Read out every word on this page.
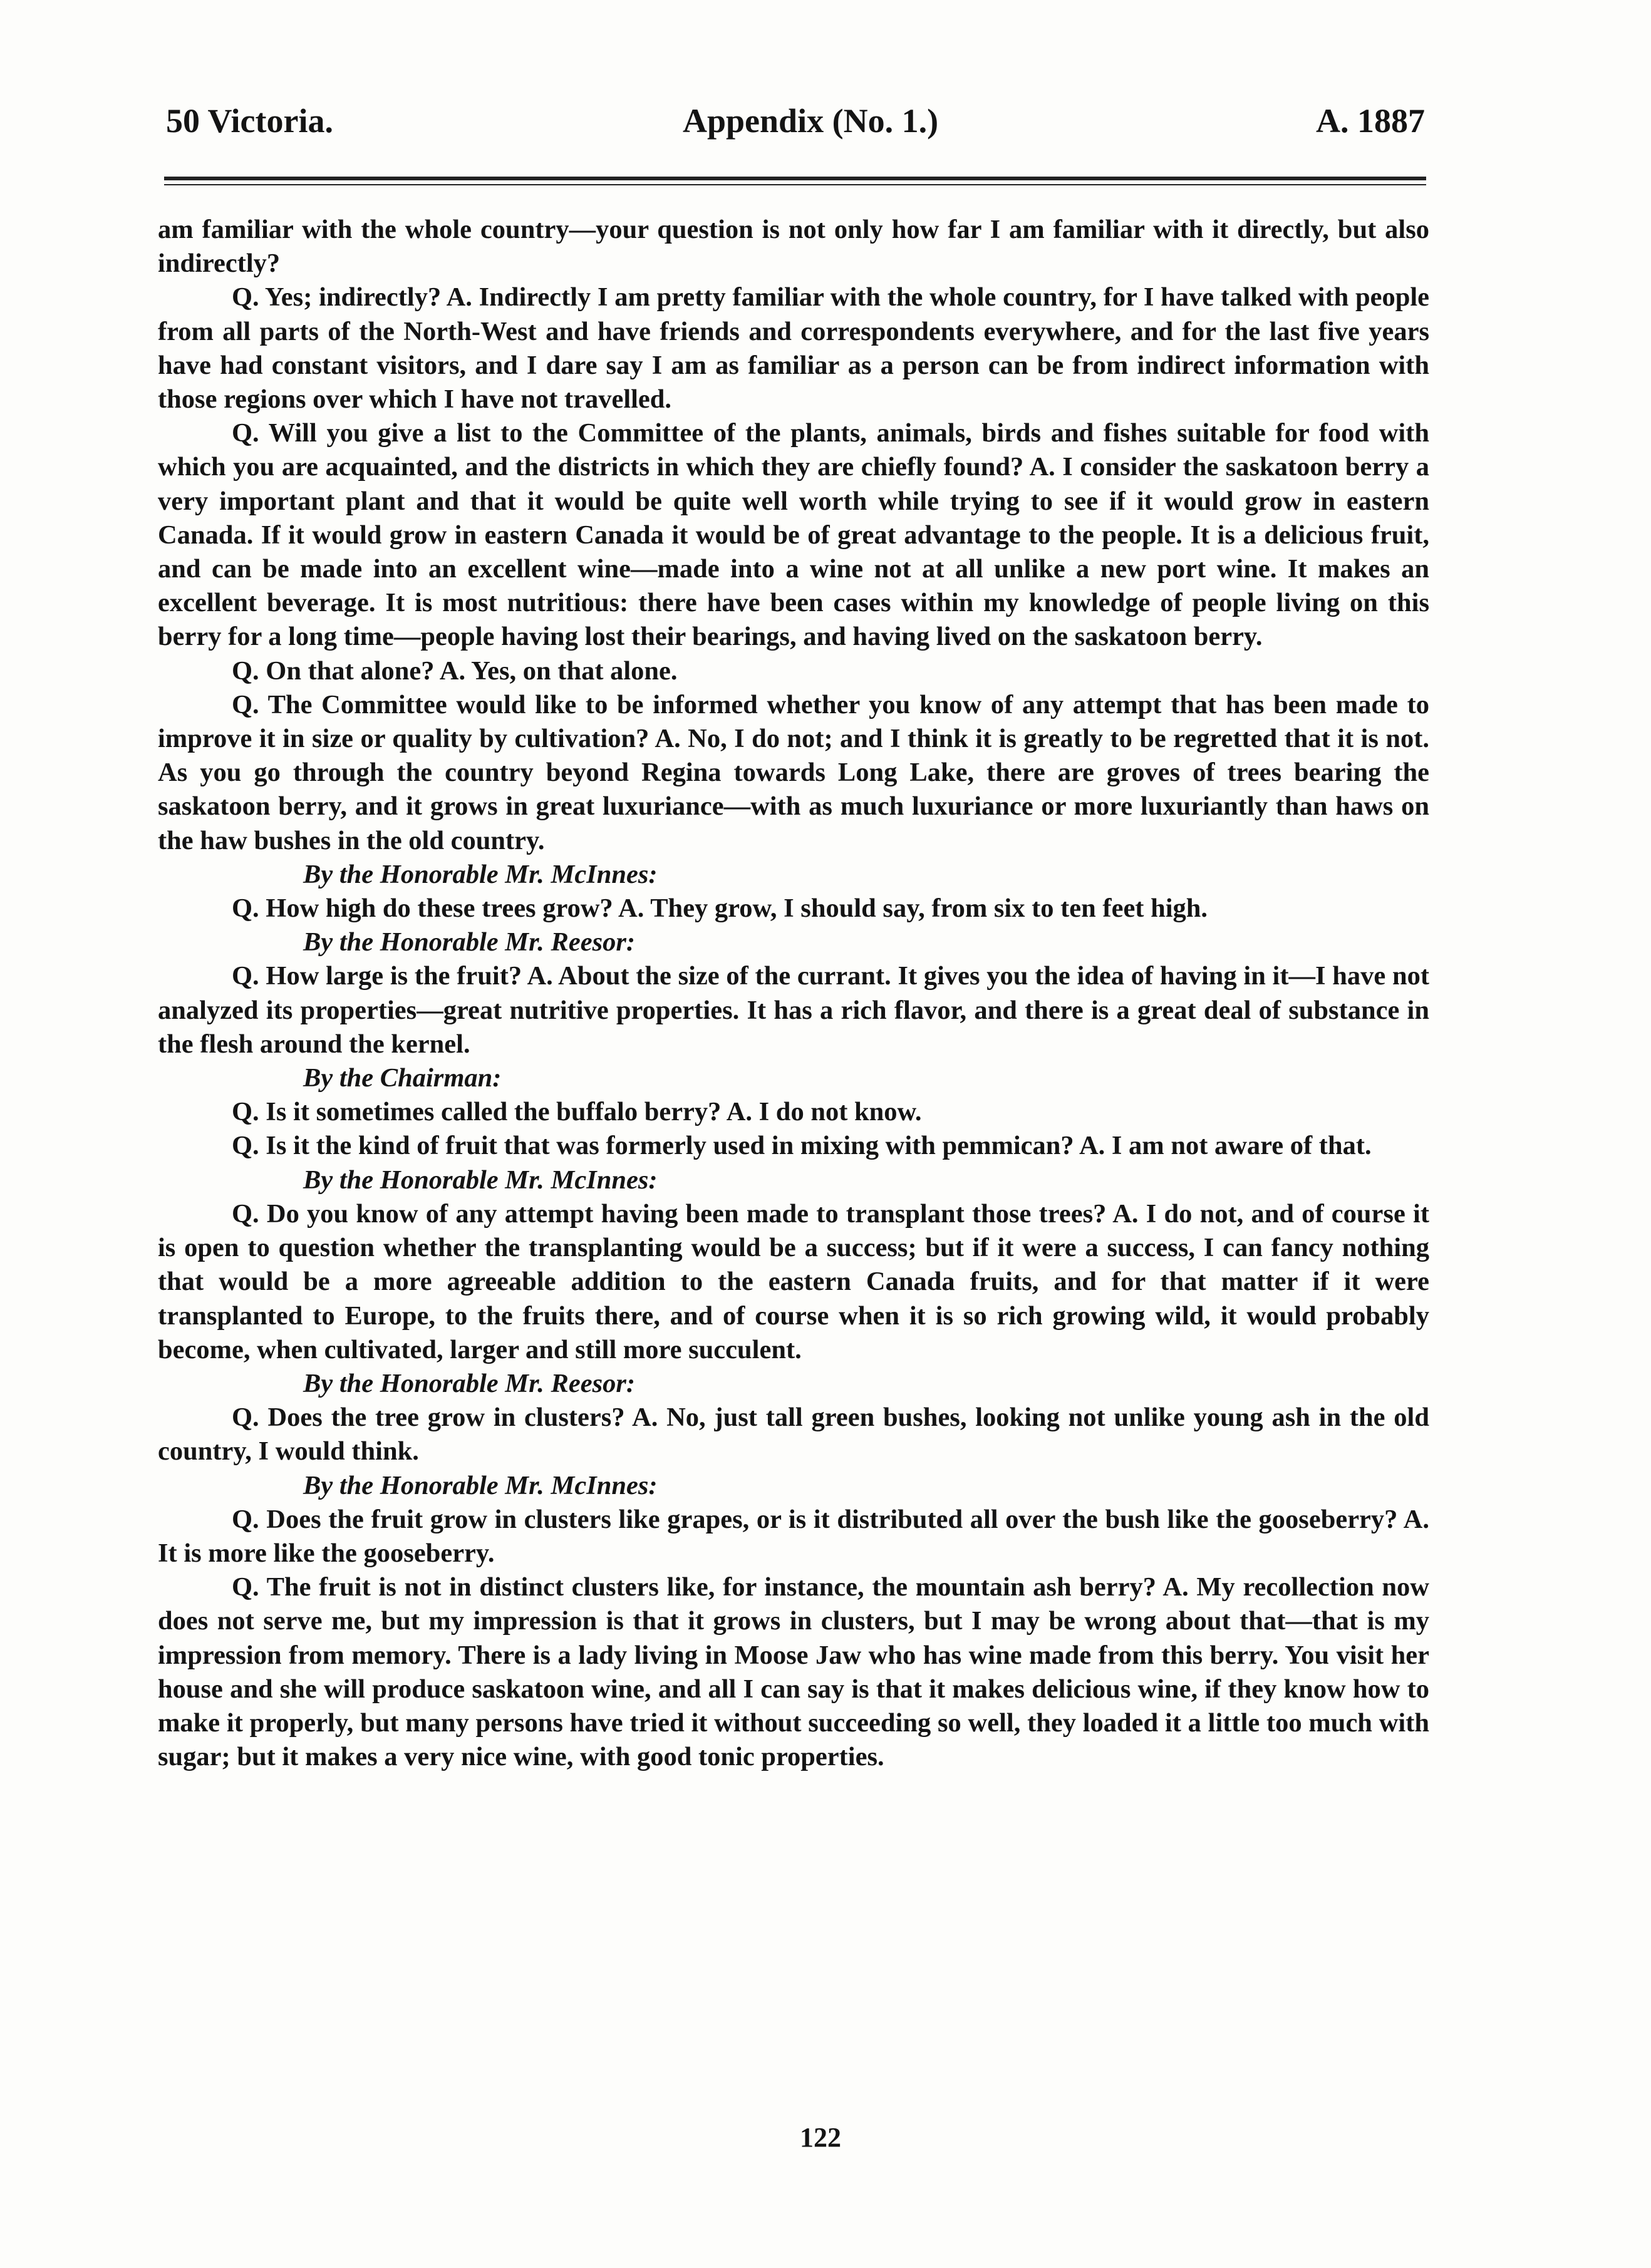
50 Victoria.	Appendix (No. 1.)	A. 1887

am familiar with the whole country—your question is not only how far I am familiar with it directly, but also indirectly?

Q. Yes; indirectly? A. Indirectly I am pretty familiar with the whole country, for I have talked with people from all parts of the North-West and have friends and correspondents everywhere, and for the last five years have had constant visitors, and I dare say I am as familiar as a person can be from indirect information with those regions over which I have not travelled.

Q. Will you give a list to the Committee of the plants, animals, birds and fishes suitable for food with which you are acquainted, and the districts in which they are chiefly found? A. I consider the saskatoon berry a very important plant and that it would be quite well worth while trying to see if it would grow in eastern Canada. If it would grow in eastern Canada it would be of great advantage to the people. It is a delicious fruit, and can be made into an excellent wine—made into a wine not at all unlike a new port wine. It makes an excellent beverage. It is most nutritious: there have been cases within my knowledge of people living on this berry for a long time—people having lost their bearings, and having lived on the saskatoon berry.

Q. On that alone? A. Yes, on that alone.

Q. The Committee would like to be informed whether you know of any attempt that has been made to improve it in size or quality by cultivation? A. No, I do not; and I think it is greatly to be regretted that it is not. As you go through the country beyond Regina towards Long Lake, there are groves of trees bearing the saskatoon berry, and it grows in great luxuriance—with as much luxuriance or more luxuriantly than haws on the haw bushes in the old country.

By the Honorable Mr. McInnes:

Q. How high do these trees grow? A. They grow, I should say, from six to ten feet high.

By the Honorable Mr. Reesor:

Q. How large is the fruit? A. About the size of the currant. It gives you the idea of having in it—I have not analyzed its properties—great nutritive properties. It has a rich flavor, and there is a great deal of substance in the flesh around the kernel.

By the Chairman:

Q. Is it sometimes called the buffalo berry? A. I do not know.

Q. Is it the kind of fruit that was formerly used in mixing with pemmican? A. I am not aware of that.

By the Honorable Mr. McInnes:

Q. Do you know of any attempt having been made to transplant those trees? A. I do not, and of course it is open to question whether the transplanting would be a success; but if it were a success, I can fancy nothing that would be a more agreeable addition to the eastern Canada fruits, and for that matter if it were transplanted to Europe, to the fruits there, and of course when it is so rich growing wild, it would probably become, when cultivated, larger and still more succulent.

By the Honorable Mr. Reesor:

Q. Does the tree grow in clusters? A. No, just tall green bushes, looking not unlike young ash in the old country, I would think.

By the Honorable Mr. McInnes:

Q. Does the fruit grow in clusters like grapes, or is it distributed all over the bush like the gooseberry? A. It is more like the gooseberry.

Q. The fruit is not in distinct clusters like, for instance, the mountain ash berry? A. My recollection now does not serve me, but my impression is that it grows in clusters, but I may be wrong about that—that is my impression from memory. There is a lady living in Moose Jaw who has wine made from this berry. You visit her house and she will produce saskatoon wine, and all I can say is that it makes delicious wine, if they know how to make it properly, but many persons have tried it without succeeding so well, they loaded it a little too much with sugar; but it makes a very nice wine, with good tonic properties.

122
